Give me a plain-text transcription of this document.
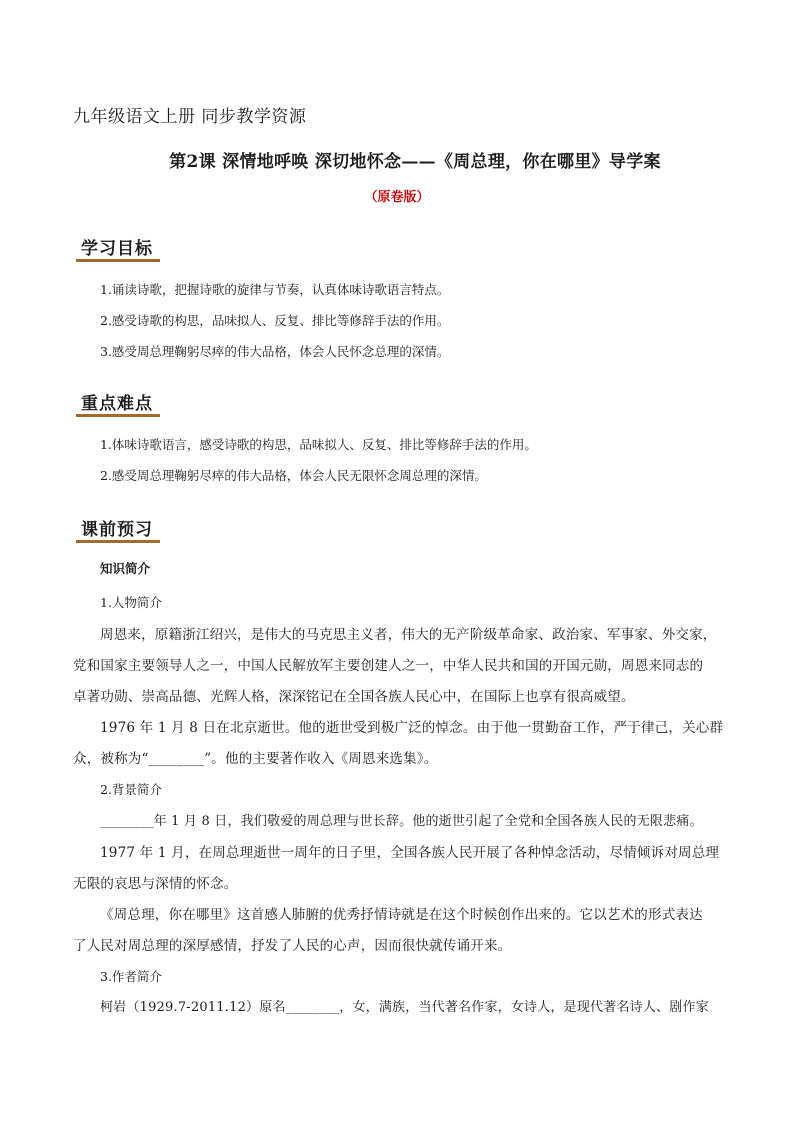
九年级语文上册 同步教学资源
第2课 深情地呼唤 深切地怀念——《周总理，你在哪里》导学案
（原卷版）
学习目标
1.诵读诗歌，把握诗歌的旋律与节奏，认真体味诗歌语言特点。
2.感受诗歌的构思，品味拟人、反复、排比等修辞手法的作用。
3.感受周总理鞠躬尽瘁的伟大品格，体会人民怀念总理的深情。
重点难点
1.体味诗歌语言，感受诗歌的构思，品味拟人、反复、排比等修辞手法的作用。
2.感受周总理鞠躬尽瘁的伟大品格，体会人民无限怀念周总理的深情。
课前预习
知识简介
1.人物简介
周恩来，原籍浙江绍兴，是伟大的马克思主义者，伟大的无产阶级革命家、政治家、军事家、外交家，
党和国家主要领导人之一，中国人民解放军主要创建人之一，中华人民共和国的开国元勋，周恩来同志的
卓著功勋、崇高品德、光辉人格，深深铭记在全国各族人民心中，在国际上也享有很高威望。
1976 年 1 月 8 日在北京逝世。他的逝世受到极广泛的悼念。由于他一贯勤奋工作，严于律己，关心群
众，被称为“________”。他的主要著作收入《周恩来选集》。
2.背景简介
________年 1 月 8 日，我们敬爱的周总理与世长辞。他的逝世引起了全党和全国各族人民的无限悲痛。
1977 年 1 月，在周总理逝世一周年的日子里，全国各族人民开展了各种悼念活动，尽情倾诉对周总理
无限的哀思与深情的怀念。
《周总理，你在哪里》这首感人肺腑的优秀抒情诗就是在这个时候创作出来的。它以艺术的形式表达
了人民对周总理的深厚感情，抒发了人民的心声，因而很快就传诵开来。
3.作者简介
柯岩（1929.7-2011.12）原名________，女，满族，当代著名作家，女诗人，是现代著名诗人、剧作家
